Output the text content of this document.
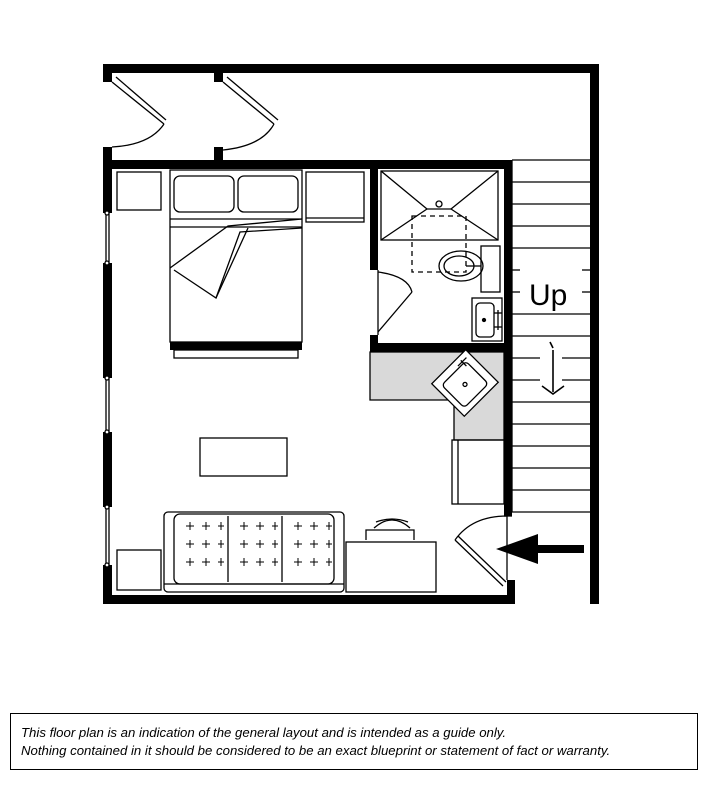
Up
This floor plan is an indication of the general layout and is intended as a guide only.
Nothing contained in it should be considered to be an exact blueprint or statement of fact or warranty.
